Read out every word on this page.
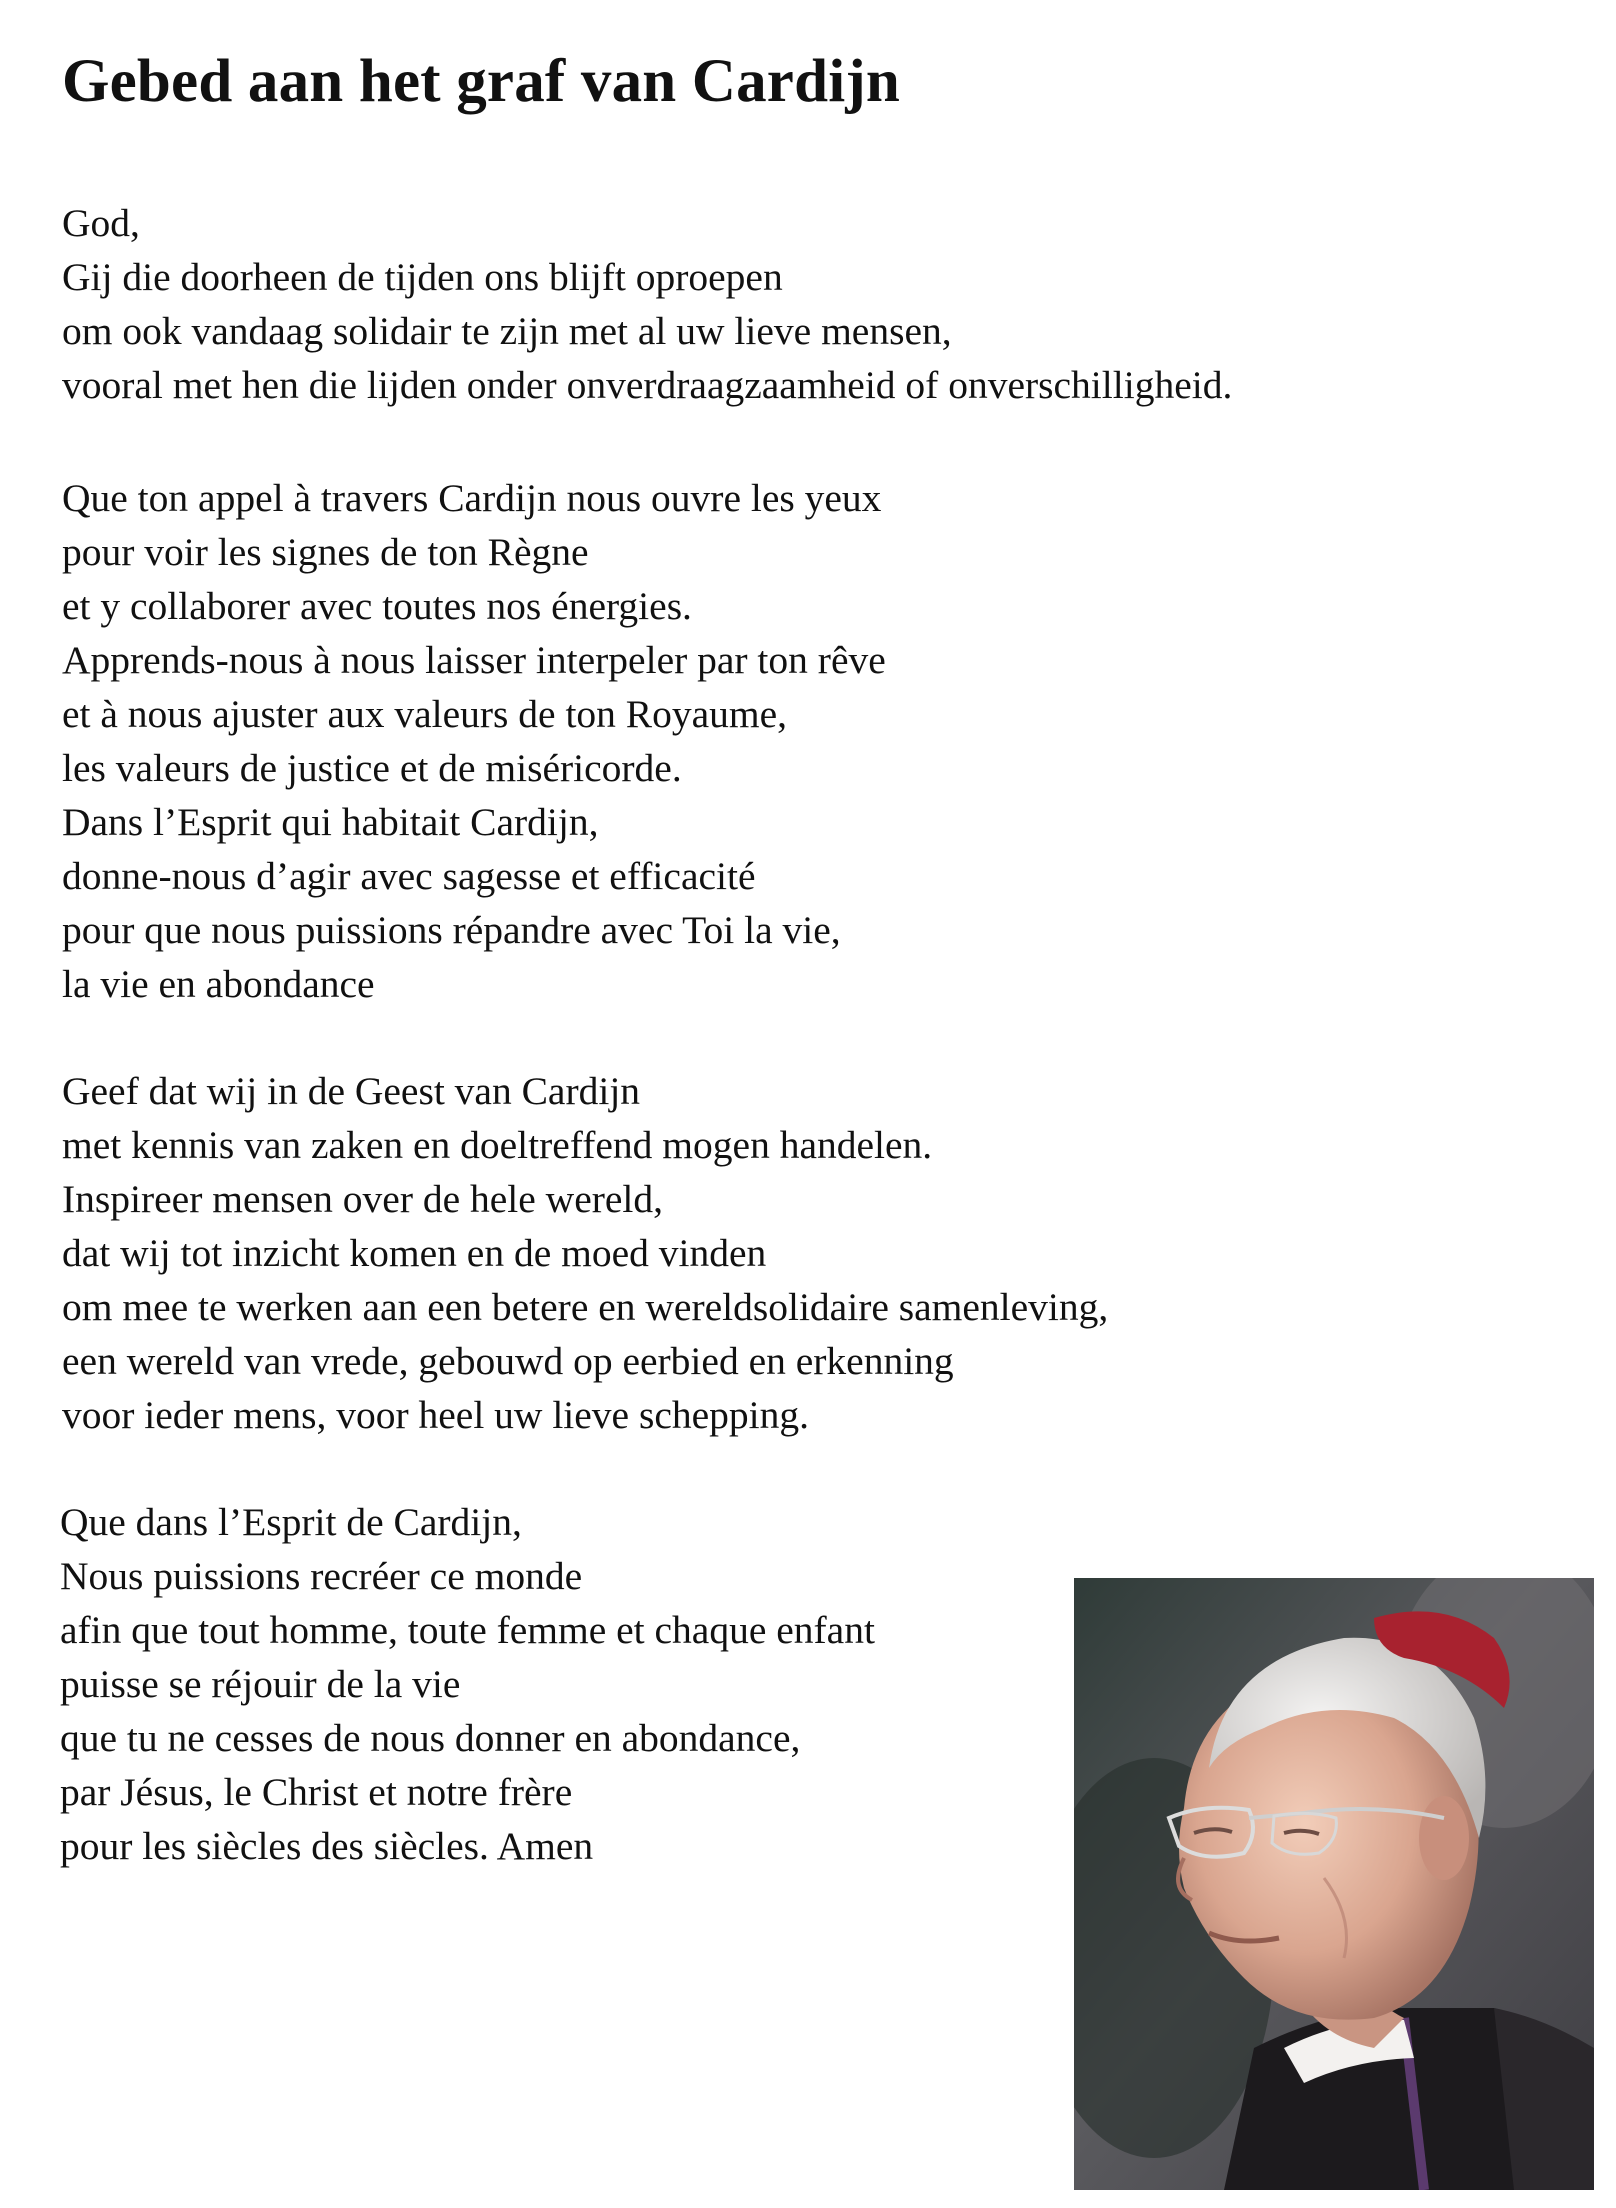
Gebed aan het graf van Cardijn
God,
Gij die doorheen de tijden ons blijft oproepen
om ook vandaag solidair te zijn met al uw lieve mensen,
vooral met hen die lijden onder onverdraagzaamheid of onverschilligheid.
Que ton appel à travers Cardijn nous ouvre les yeux
pour voir les signes de ton Règne
et y collaborer avec toutes nos énergies.
Apprends-nous à nous laisser interpeler par ton rêve
et à nous ajuster aux valeurs de ton Royaume,
les valeurs de justice et de miséricorde.
Dans l’Esprit qui habitait Cardijn,
donne-nous d’agir avec sagesse et efficacité
pour que nous puissions répandre avec Toi la vie,
la vie en abondance
Geef dat wij in de Geest van Cardijn
met kennis van zaken en doeltreffend mogen handelen.
Inspireer mensen over de hele wereld,
dat wij tot inzicht komen en de moed vinden
om mee te werken aan een betere en wereldsolidaire samenleving,
een wereld van vrede, gebouwd op eerbied en erkenning
voor ieder mens, voor heel uw lieve schepping.
Que dans l’Esprit de Cardijn,
Nous puissions recréer ce monde
afin que tout homme, toute femme et chaque enfant
puisse se réjouir de la vie
que tu ne cesses de nous donner en abondance,
par Jésus, le Christ et notre frère
pour les siècles des siècles. Amen
